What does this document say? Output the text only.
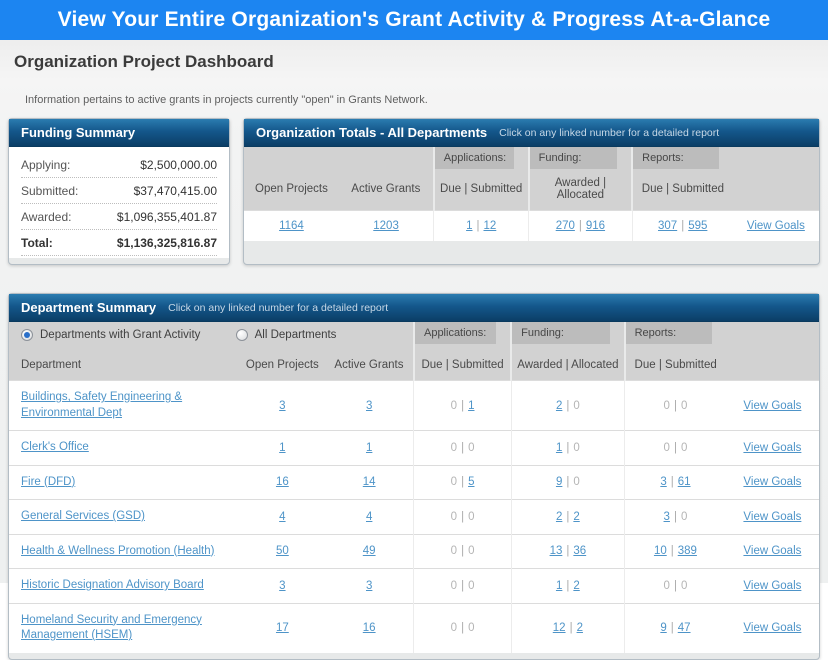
View Your Entire Organization's Grant Activity & Progress At-a-Glance
Organization Project Dashboard
Information pertains to active grants in projects currently "open" in Grants Network.
Funding Summary
Applying:	$2,500,000.00
Submitted:	$37,470,415.00
Awarded:	$1,096,355,401.87
Total:	$1,136,325,816.87
Organization Totals - All Departments Click on any linked number for a detailed report

		Applications:	Funding:	Reports:	

Open Projects	Active Grants	Due | Submitted	Awarded | Allocated	Due | Submitted	
1164	1203	1 | 12	270 | 916	307 | 595	View Goals
Department Summary Click on any linked number for a detailed report
Departments with Grant Activity
All Departments			Applications:	Funding:	Reports:	

Department	Open Projects	Active Grants	Due | Submitted	Awarded | Allocated	Due | Submitted	
Buildings, Safety Engineering & Environmental Dept	3	3	0 | 1	2 | 0	0 | 0	View Goals
Clerk's Office	1	1	0 | 0	1 | 0	0 | 0	View Goals
Fire (DFD)	16	14	0 | 5	9 | 0	3 | 61	View Goals
General Services (GSD)	4	4	0 | 0	2 | 2	3 | 0	View Goals
Health & Wellness Promotion (Health)	50	49	0 | 0	13 | 36	10 | 389	View Goals
Historic Designation Advisory Board	3	3	0 | 0	1 | 2	0 | 0	View Goals
Homeland Security and Emergency Management (HSEM)	17	16	0 | 0	12 | 2	9 | 47	View Goals
